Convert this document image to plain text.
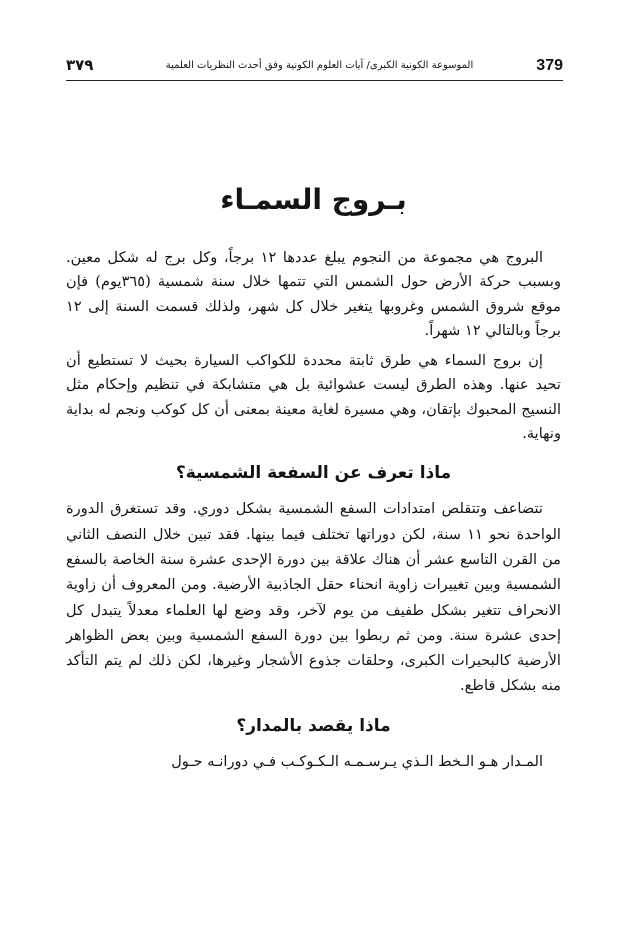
٣٧٩	الموسوعة الكونية الكبرى/ آيات العلوم الكونية وفق أحدث النظريات العلمية	379
بـروج السمـاء

البروج هي مجموعة من النجوم يبلغ عددها ١٢ برجاً، وكل برج له شكل معين. وبسبب حركة الأرض حول الشمس التي تتمها خلال سنة شمسية (٣٦٥يوم) فإن موقع شروق الشمس وغروبها يتغير خلال كل شهر، ولذلك قسمت السنة إلى ١٢ برجاً وبالتالي ١٢ شهراً.

إن بروج السماء هي طرق ثابتة محددة للكواكب السيارة بحيث لا تستطيع أن تحيد عنها. وهذه الطرق ليست عشوائية بل هي متشابكة في تنظيم وإحكام مثل النسيج المحبوك بإتقان، وهي مسيرة لغاية معينة بمعنى أن كل كوكب ونجم له بداية ونهاية.

ماذا تعرف عن السفعة الشمسية؟

تتضاعف وتتقلص امتدادات السفع الشمسية بشكل دوري. وقد تستغرق الدورة الواحدة نحو ١١ سنة، لكن دوراتها تختلف فيما بينها. فقد تبين خلال النصف الثاني من القرن التاسع عشر أن هناك علاقة بين دورة الإحدى عشرة سنة الخاصة بالسفع الشمسية وبين تغييرات زاوية انحناء حقل الجاذبية الأرضية. ومن المعروف أن زاوية الانحراف تتغير بشكل طفيف من يوم لآخر، وقد وضع لها العلماء معدلاً يتبدل كل إحدى عشرة سنة. ومن ثم ربطوا بين دورة السفع الشمسية وبين بعض الظواهر الأرضية كالبحيرات الكبرى، وحلقات جذوع الأشجار وغيرها، لكن ذلك لم يتم التأكد منه بشكل قاطع.

ماذا يقصد بالمدار؟

المـدار هـو الـخط الـذي يـرسـمـه الـكـوكـب فـي دورانـه حـول
